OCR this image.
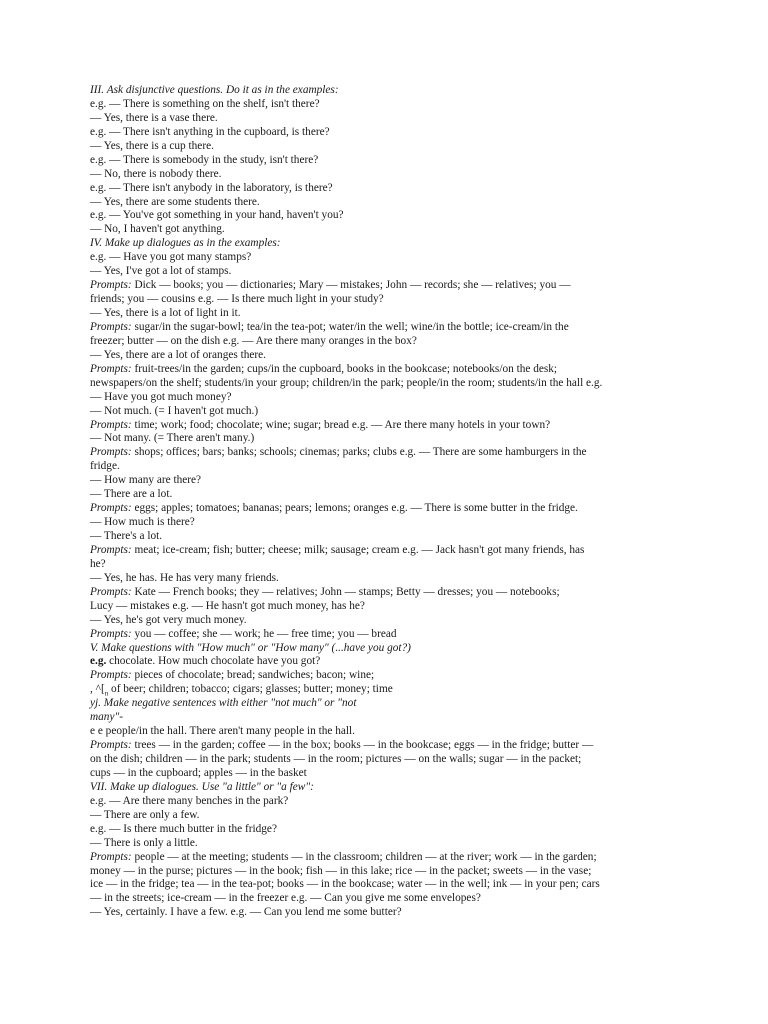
III. Ask disjunctive questions. Do it as in the examples:
e.g. — There is something on the shelf, isn't there?
— Yes, there is a vase there.
e.g. — There isn't anything in the cupboard, is there?
— Yes, there is a cup there.
e.g. — There is somebody in the study, isn't there?
— No, there is nobody there.
e.g. — There isn't anybody in the laboratory, is there?
— Yes, there are some students there.
e.g. — You've got something in your hand, haven't you?
— No, I haven't got anything.
IV. Make up dialogues as in the examples:
e.g. — Have you got many stamps?
— Yes, I've got a lot of stamps.
Prompts: Dick — books; you — dictionaries; Mary — mistakes; John — records; she — relatives; you —
friends; you — cousins e.g. — Is there much light in your study?
— Yes, there is a lot of light in it.
Prompts: sugar/in the sugar-bowl; tea/in the tea-pot; water/in the well; wine/in the bottle; ice-cream/in the
freezer; butter — on the dish e.g. — Are there many oranges in the box?
— Yes, there are a lot of oranges there.
Prompts: fruit-trees/in the garden; cups/in the cupboard, books in the bookcase; notebooks/on the desk;
newspapers/on the shelf; students/in your group; children/in the park; people/in the room; students/in the hall e.g.
— Have you got much money?
— Not much. (= I haven't got much.)
Prompts: time; work; food; chocolate; wine; sugar; bread e.g. — Are there many hotels in your town?
— Not many. (= There aren't many.)
Prompts: shops; offices; bars; banks; schools; cinemas; parks; clubs e.g. — There are some hamburgers in the
fridge.
— How many are there?
— There are a lot.
Prompts: eggs; apples; tomatoes; bananas; pears; lemons; oranges e.g. — There is some butter in the fridge.
— How much is there?
— There's a lot.
Prompts: meat; ice-cream; fish; butter; cheese; milk; sausage; cream e.g. — Jack hasn't got many friends, has
he?
— Yes, he has. He has very many friends.
Prompts: Kate — French books; they — relatives; John — stamps; Betty — dresses; you — notebooks;
Lucy — mistakes e.g. — He hasn't got much money, has he?
— Yes, he's got very much money.
Prompts: you — coffee; she — work; he — free time; you — bread
V. Make questions with "How much" or "How many" (...have you got?)
e.g. chocolate. How much chocolate have you got?
Prompts: pieces of chocolate; bread; sandwiches; bacon; wine;
, $\^{}[_n$ of beer; children; tobacco; cigars; glasses; butter; money; time
yj. Make negative sentences with either "not much" or "not
many"-
e e people/in the hall. There aren't many people in the hall.
Prompts: trees — in the garden; coffee — in the box; books — in the bookcase; eggs — in the fridge; butter —
on the dish; children — in the park; students — in the room; pictures — on the walls; sugar — in the packet;
cups — in the cupboard; apples — in the basket
VII. Make up dialogues. Use "a little" or "a few":
e.g. — Are there many benches in the park?
— There are only a few.
e.g. — Is there much butter in the fridge?
— There is only a little.
Prompts: people — at the meeting; students — in the classroom; children — at the river; work — in the garden;
money — in the purse; pictures — in the book; fish — in this lake; rice — in the packet; sweets — in the vase;
ice — in the fridge; tea — in the tea-pot; books — in the bookcase; water — in the well; ink — in your pen; cars
— in the streets; ice-cream — in the freezer e.g. — Can you give me some envelopes?
— Yes, certainly. I have a few. e.g. — Can you lend me some butter?
